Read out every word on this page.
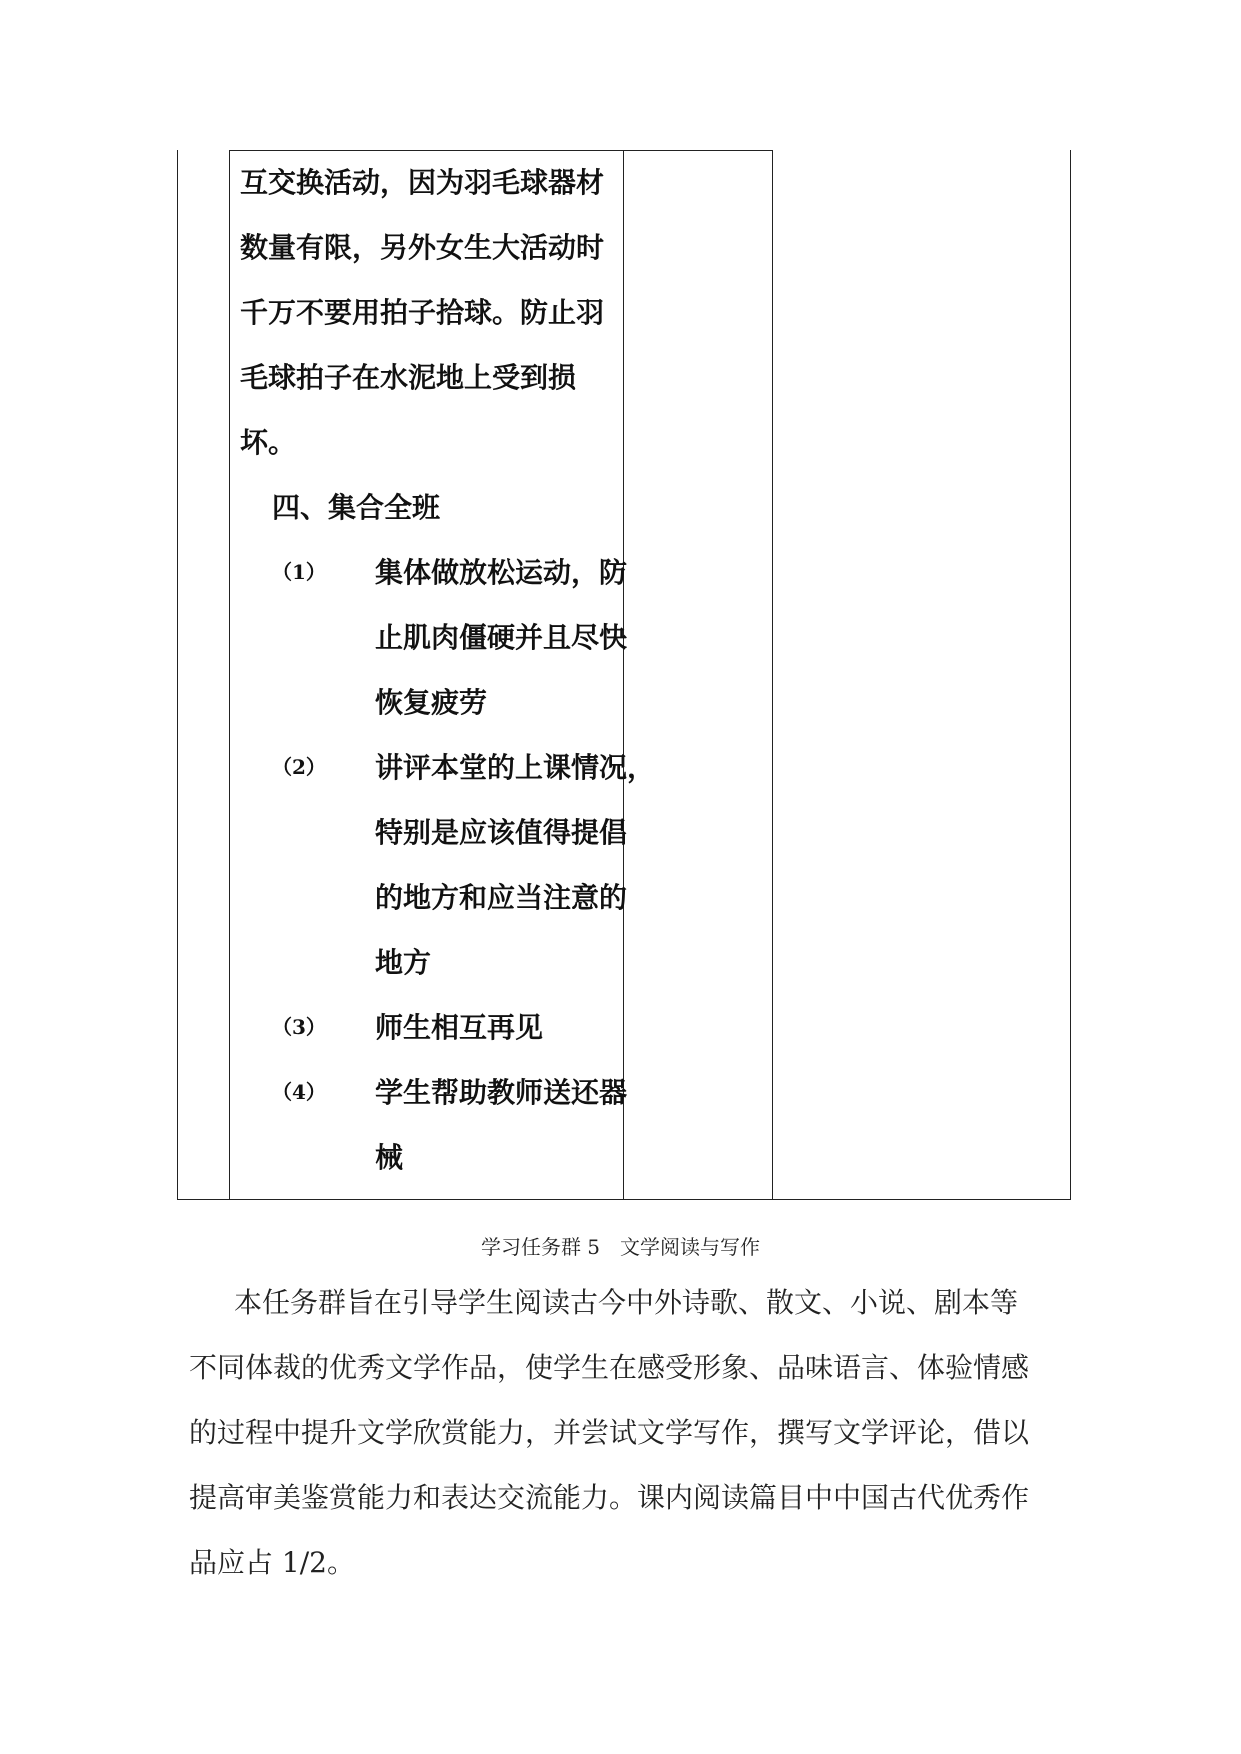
互交换活动，因为羽毛球器材
数量有限，另外女生大活动时
千万不要用拍子拾球。防止羽
毛球拍子在水泥地上受到损
坏。
四、集合全班
（1）	集体做放松运动，防
止肌肉僵硬并且尽快
恢复疲劳
（2）	讲评本堂的上课情况，
特别是应该值得提倡
的地方和应当注意的
地方
（3）	师生相互再见
（4）	学生帮助教师送还器
械
学习任务群 5　文学阅读与写作
本任务群旨在引导学生阅读古今中外诗歌、散文、小说、剧本等
不同体裁的优秀文学作品，使学生在感受形象、品味语言、体验情感
的过程中提升文学欣赏能力，并尝试文学写作，撰写文学评论，借以
提高审美鉴赏能力和表达交流能力。课内阅读篇目中中国古代优秀作
品应占 1/2。
